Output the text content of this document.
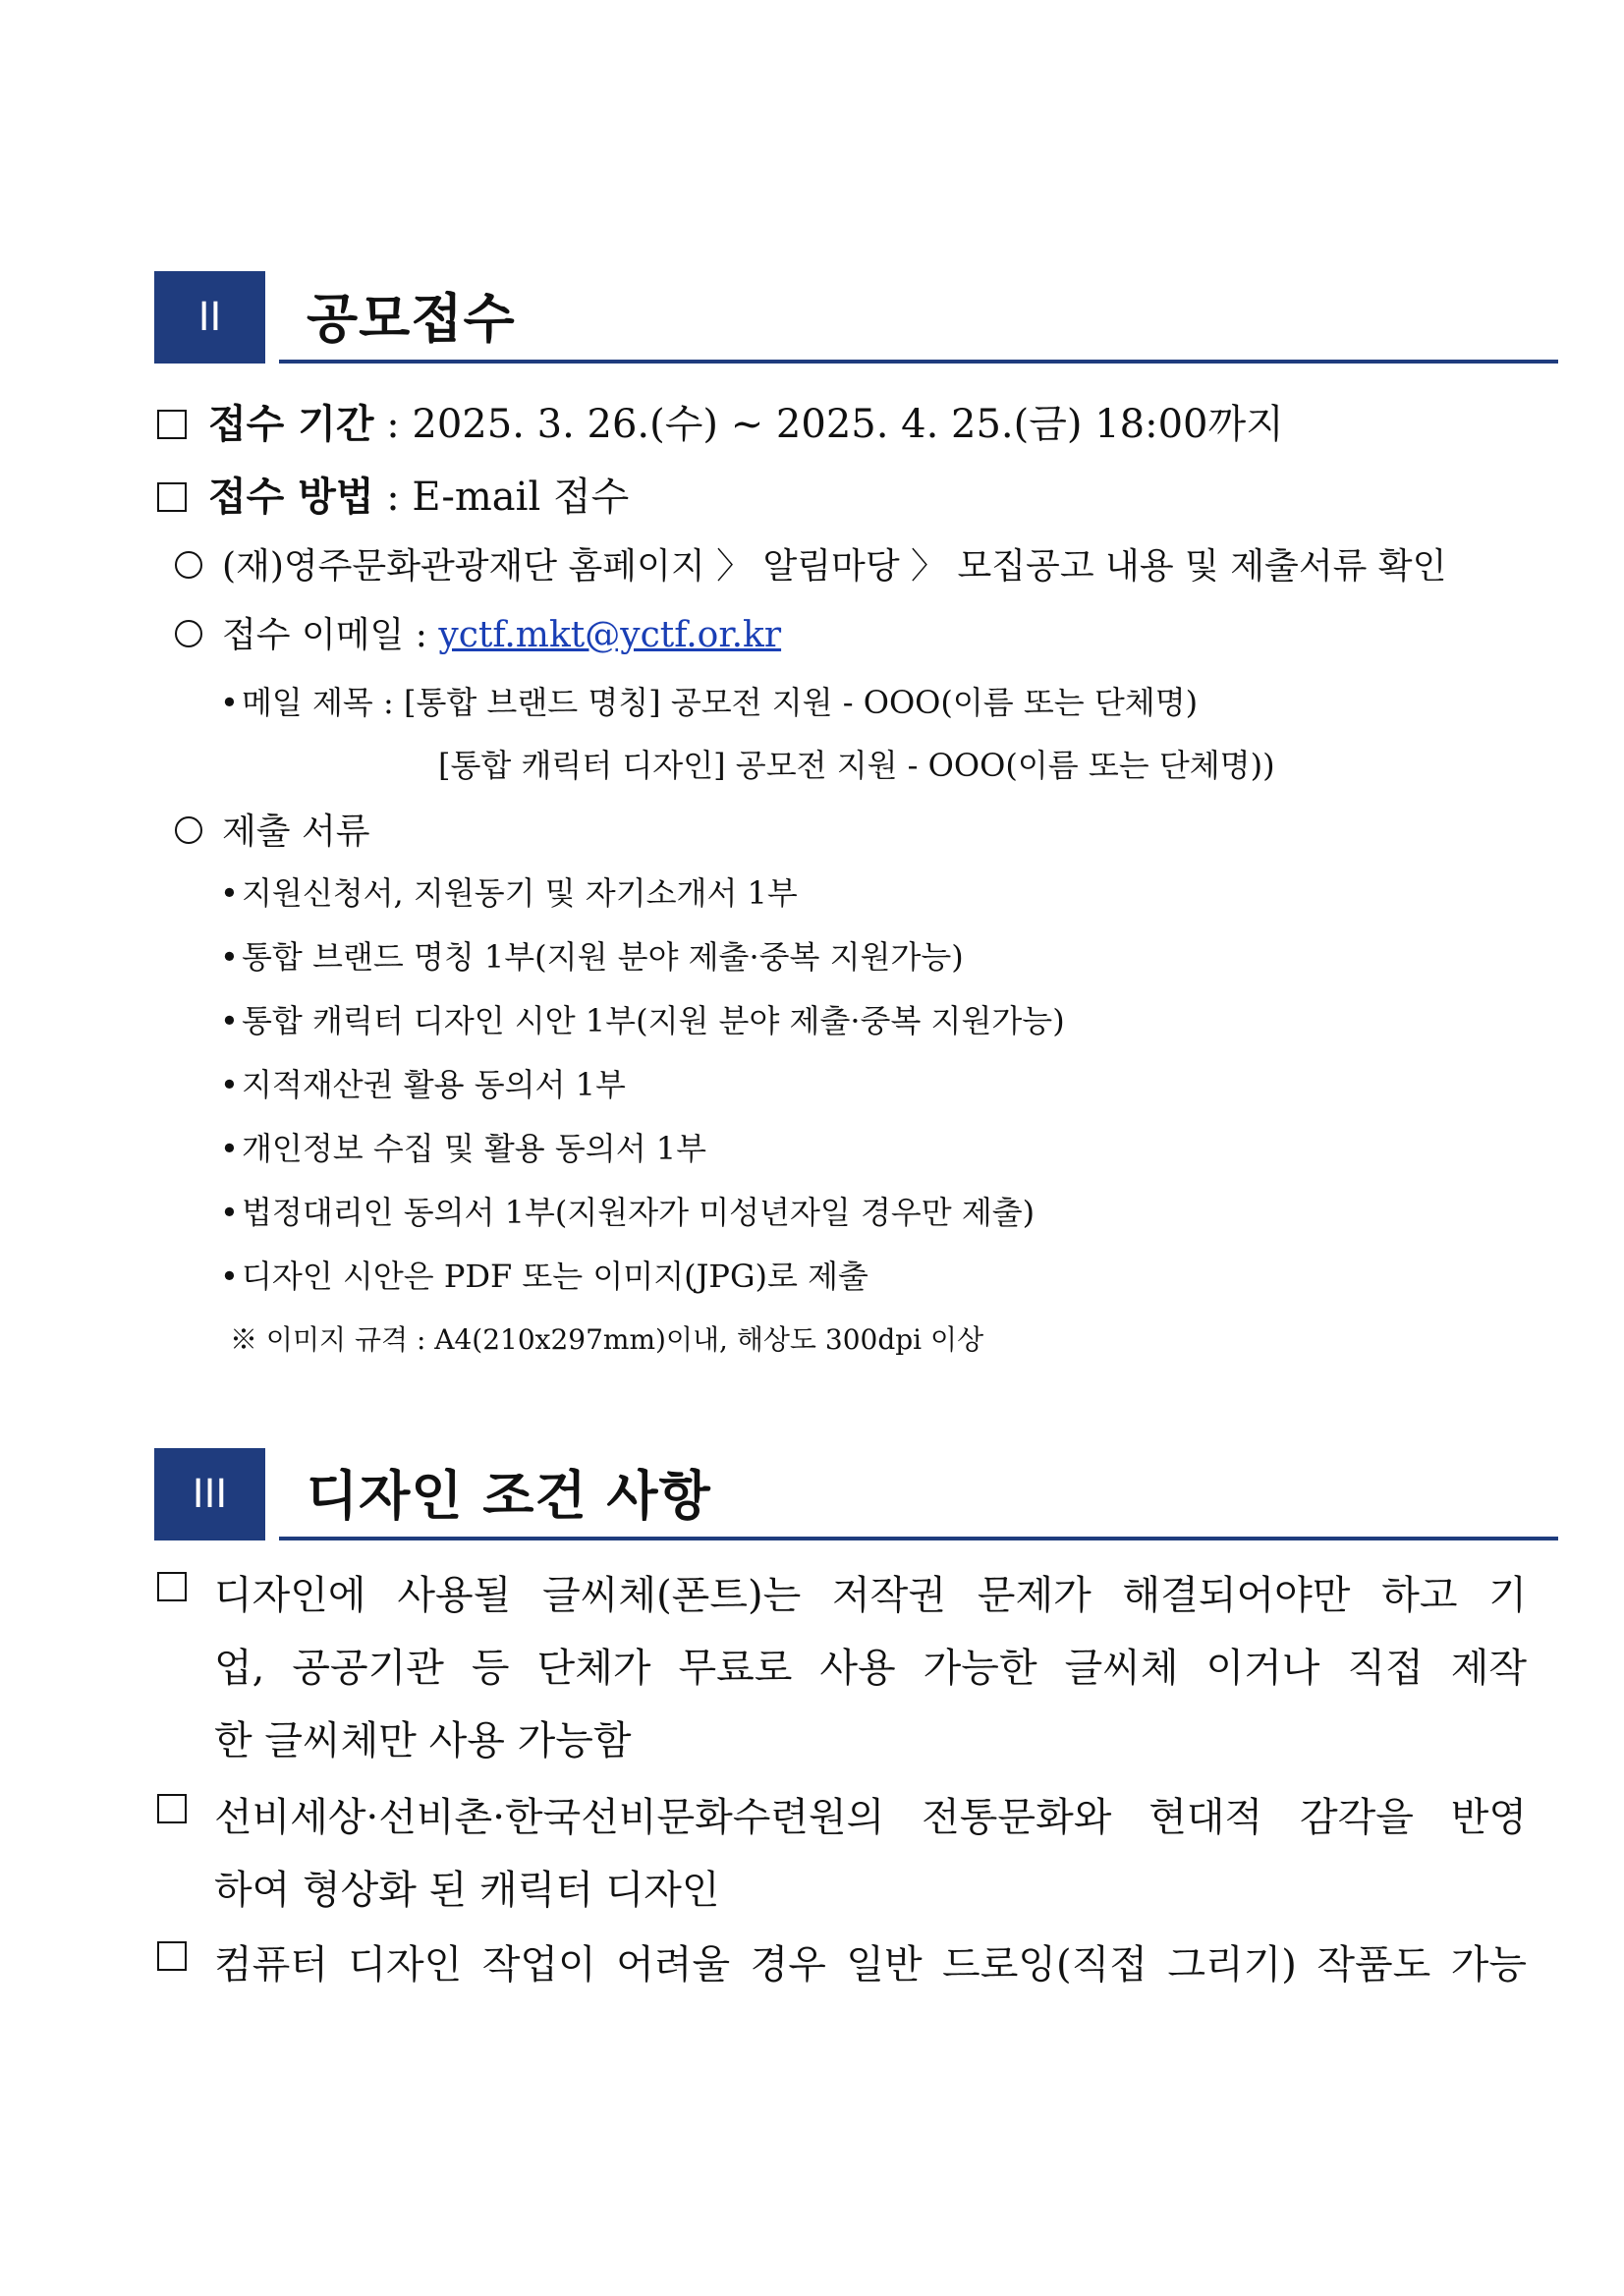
II	공모접수
접수 기간 : 2025. 3. 26.(수) ~ 2025. 4. 25.(금) 18:00까지
접수 방법 : E-mail 접수
(재)영주문화관광재단 홈페이지 〉 알림마당 〉 모집공고 내용 및 제출서류 확인
접수 이메일 : yctf.mkt@yctf.or.kr
•메일 제목 : [통합 브랜드 명칭] 공모전 지원 - OOO(이름 또는 단체명)
[통합 캐릭터 디자인] 공모전 지원 - OOO(이름 또는 단체명))
제출 서류
•지원신청서, 지원동기 및 자기소개서 1부
•통합 브랜드 명칭 1부(지원 분야 제출·중복 지원가능)
•통합 캐릭터 디자인 시안 1부(지원 분야 제출·중복 지원가능)
•지적재산권 활용 동의서 1부
•개인정보 수집 및 활용 동의서 1부
•법정대리인 동의서 1부(지원자가 미성년자일 경우만 제출)
•디자인 시안은 PDF 또는 이미지(JPG)로 제출
※ 이미지 규격 : A4(210x297mm)이내, 해상도 300dpi 이상
III	디자인 조건 사항
디자인에 사용될 글씨체(폰트)는 저작권 문제가 해결되어야만 하고 기
업, 공공기관 등 단체가 무료로 사용 가능한 글씨체 이거나 직접 제작
한 글씨체만 사용 가능함
선비세상·선비촌·한국선비문화수련원의 전통문화와 현대적 감각을 반영
하여 형상화 된 캐릭터 디자인
컴퓨터 디자인 작업이 어려울 경우 일반 드로잉(직접 그리기) 작품도 가능
